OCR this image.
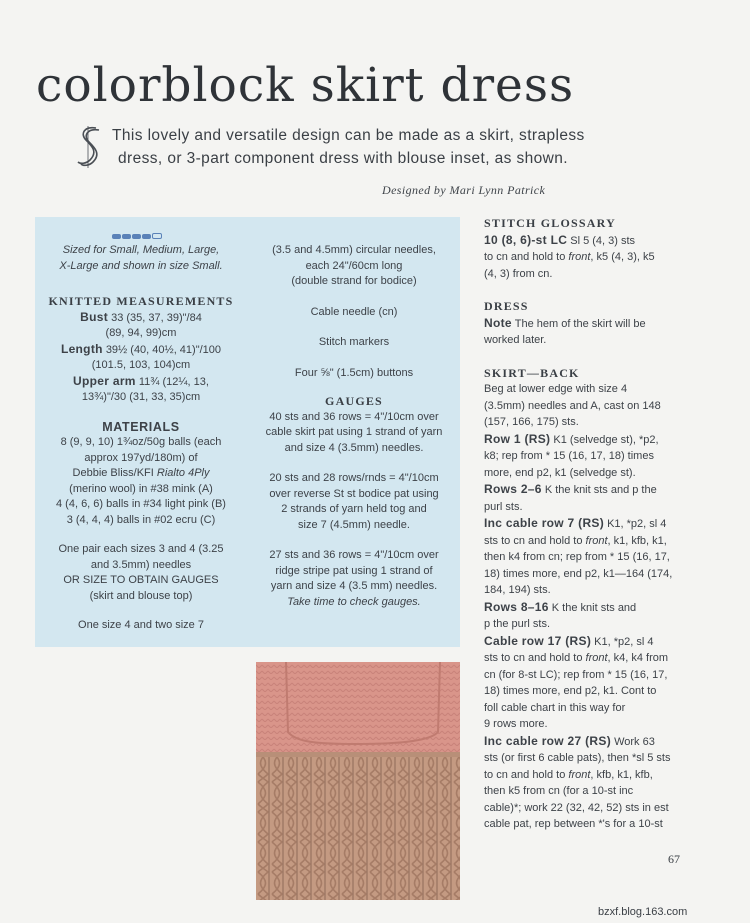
colorblock skirt dress
This lovely and versatile design can be made as a skirt, strapless
dress, or 3-part component dress with blouse inset, as shown.
Designed by Mari Lynn Patrick

Sized for Small, Medium, Large,

X-Large and shown in size Small.

KNITTED MEASUREMENTS

Bust 33 (35, 37, 39)"/84

(89, 94, 99)cm

Length 39½ (40, 40½, 41)"/100

(101.5, 103, 104)cm

Upper arm 11¾ (12¼, 13,

13¾)"/30 (31, 33, 35)cm

MATERIALS

8 (9, 9, 10) 1¾oz/50g balls (each

approx 197yd/180m) of

Debbie Bliss/KFI Rialto 4Ply

(merino wool) in #38 mink (A)

4 (4, 6, 6) balls in #34 light pink (B)

3 (4, 4, 4) balls in #02 ecru (C)

One pair each sizes 3 and 4 (3.25

and 3.5mm) needles

OR SIZE TO OBTAIN GAUGES

(skirt and blouse top)

One size 4 and two size 7

(3.5 and 4.5mm) circular needles,

each 24"/60cm long

(double strand for bodice)

Cable needle (cn)

Stitch markers

Four ⅝" (1.5cm) buttons

GAUGES

40 sts and 36 rows = 4"/10cm over

cable skirt pat using 1 strand of yarn

and size 4 (3.5mm) needles.

20 sts and 28 rows/rnds = 4"/10cm

over reverse St st bodice pat using

2 strands of yarn held tog and

size 7 (4.5mm) needle.

27 sts and 36 rows = 4"/10cm over

ridge stripe pat using 1 strand of

yarn and size 4 (3.5 mm) needles.

Take time to check gauges.

STITCH GLOSSARY

10 (8, 6)-st LC Sl 5 (4, 3) sts

to cn and hold to front, k5 (4, 3), k5

(4, 3) from cn.

DRESS

Note The hem of the skirt will be

worked later.

SKIRT—BACK

Beg at lower edge with size 4

(3.5mm) needles and A, cast on 148

(157, 166, 175) sts.

Row 1 (RS) K1 (selvedge st), *p2,

k8; rep from * 15 (16, 17, 18) times

more, end p2, k1 (selvedge st).

Rows 2–6 K the knit sts and p the

purl sts.

Inc cable row 7 (RS) K1, *p2, sl 4

sts to cn and hold to front, k1, kfb, k1,

then k4 from cn; rep from * 15 (16, 17,

18) times more, end p2, k1—164 (174,

184, 194) sts.

Rows 8–16 K the knit sts and

p the purl sts.

Cable row 17 (RS) K1, *p2, sl 4

sts to cn and hold to front, k4, k4 from

cn (for 8-st LC); rep from * 15 (16, 17,

18) times more, end p2, k1. Cont to

foll cable chart in this way for

9 rows more.

Inc cable row 27 (RS) Work 63

sts (or first 6 cable pats), then *sl 5 sts

to cn and hold to front, kfb, k1, kfb,

then k5 from cn (for a 10-st inc

cable)*; work 22 (32, 42, 52) sts in est

cable pat, rep between *'s for a 10-st

67
bzxf.blog.163.com
